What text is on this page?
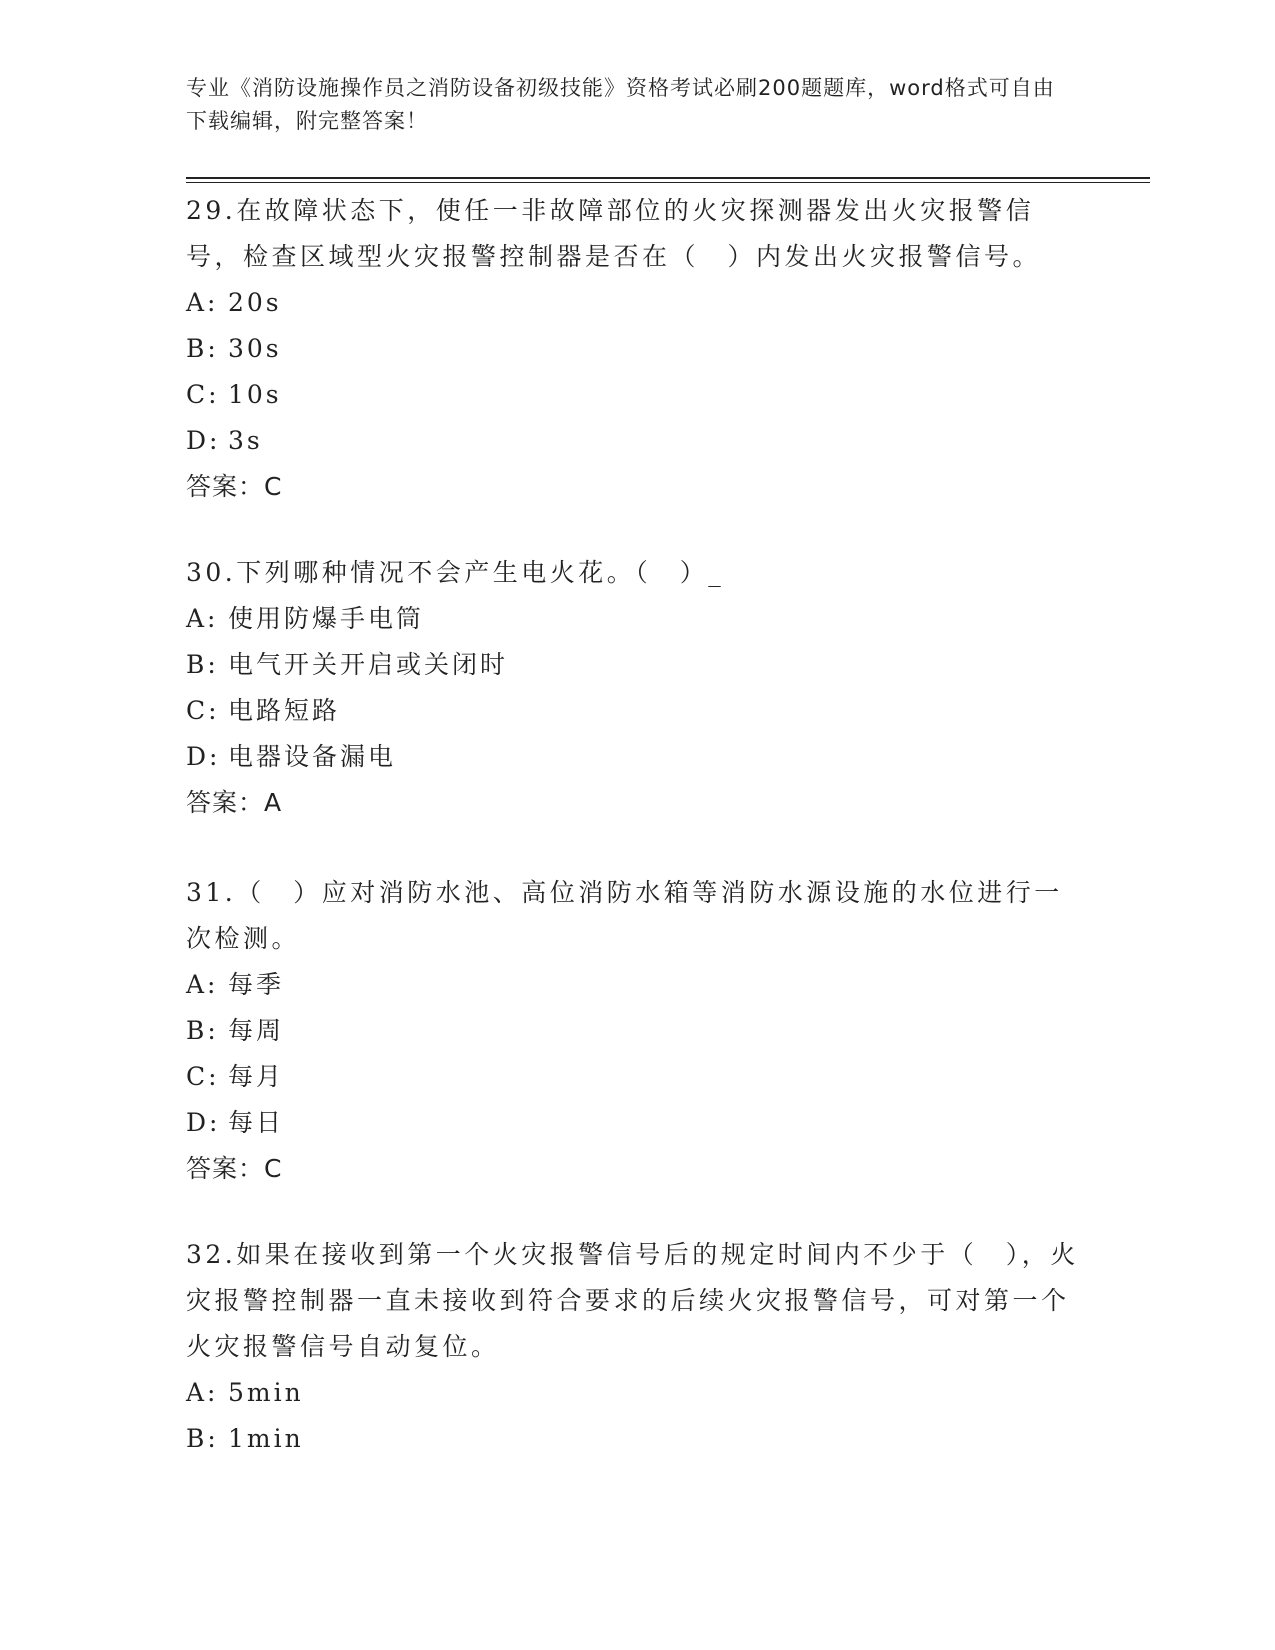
专业《消防设施操作员之消防设备初级技能》资格考试必刷200题题库，word格式可自由下载编辑，附完整答案！
29.在故障状态下，使任一非故障部位的火灾探测器发出火灾报警信号，检查区域型火灾报警控制器是否在（　）内发出火灾报警信号。
A: 20s
B: 30s
C: 10s
D: 3s
答案：C
30.下列哪种情况不会产生电火花。（　）_
A: 使用防爆手电筒
B: 电气开关开启或关闭时
C: 电路短路
D: 电器设备漏电
答案：A
31.（　）应对消防水池、高位消防水箱等消防水源设施的水位进行一次检测。
A: 每季
B: 每周
C: 每月
D: 每日
答案：C
32.如果在接收到第一个火灾报警信号后的规定时间内不少于（　），火灾报警控制器一直未接收到符合要求的后续火灾报警信号，可对第一个火灾报警信号自动复位。
A: 5min
B: 1min
